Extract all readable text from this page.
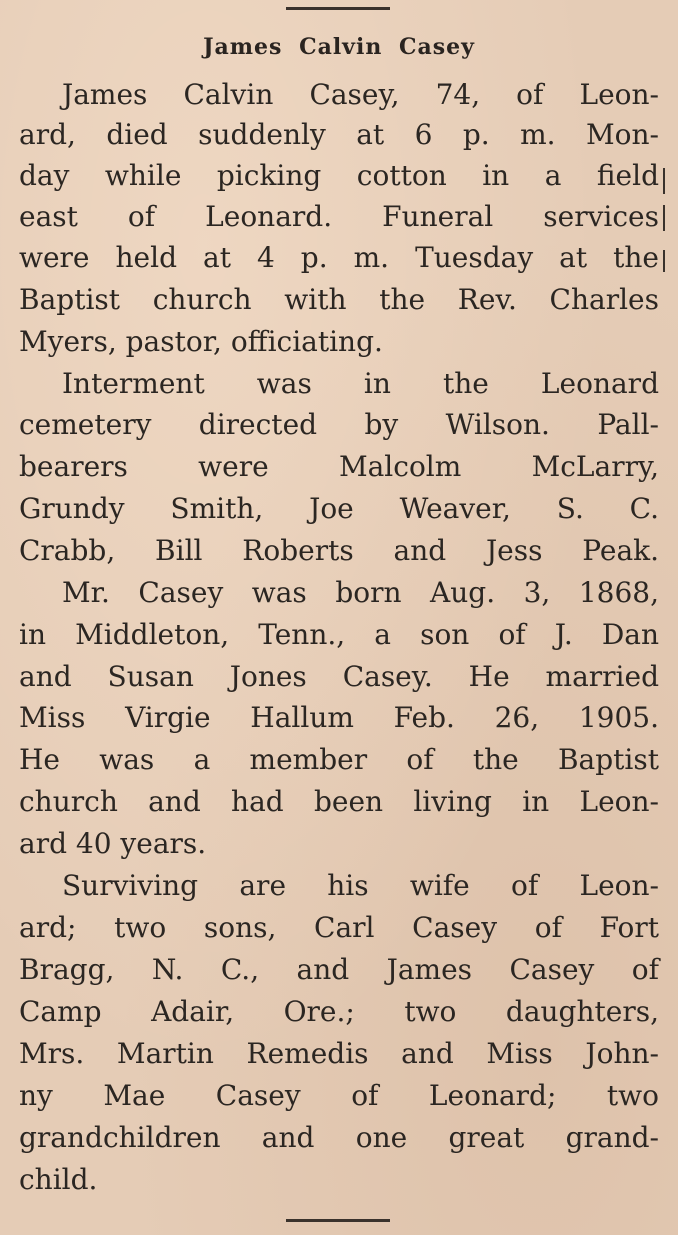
James Calvin Casey
James Calvin Casey, 74, of Leon-
ard, died suddenly at 6 p. m. Mon-
day while picking cotton in a field
east of Leonard. Funeral services
were held at 4 p. m. Tuesday at the
Baptist church with the Rev. Charles
Myers, pastor, officiating.
Interment was in the Leonard
cemetery directed by Wilson. Pall-
bearers were Malcolm McLarry,
Grundy Smith, Joe Weaver, S. C.
Crabb, Bill Roberts and Jess Peak.
Mr. Casey was born Aug. 3, 1868,
in Middleton, Tenn., a son of J. Dan
and Susan Jones Casey. He married
Miss Virgie Hallum Feb. 26, 1905.
He was a member of the Baptist
church and had been living in Leon-
ard 40 years.
Surviving are his wife of Leon-
ard; two sons, Carl Casey of Fort
Bragg, N. C., and James Casey of
Camp Adair, Ore.; two daughters,
Mrs. Martin Remedis and Miss John-
ny Mae Casey of Leonard; two
grandchildren and one great grand-
child.
